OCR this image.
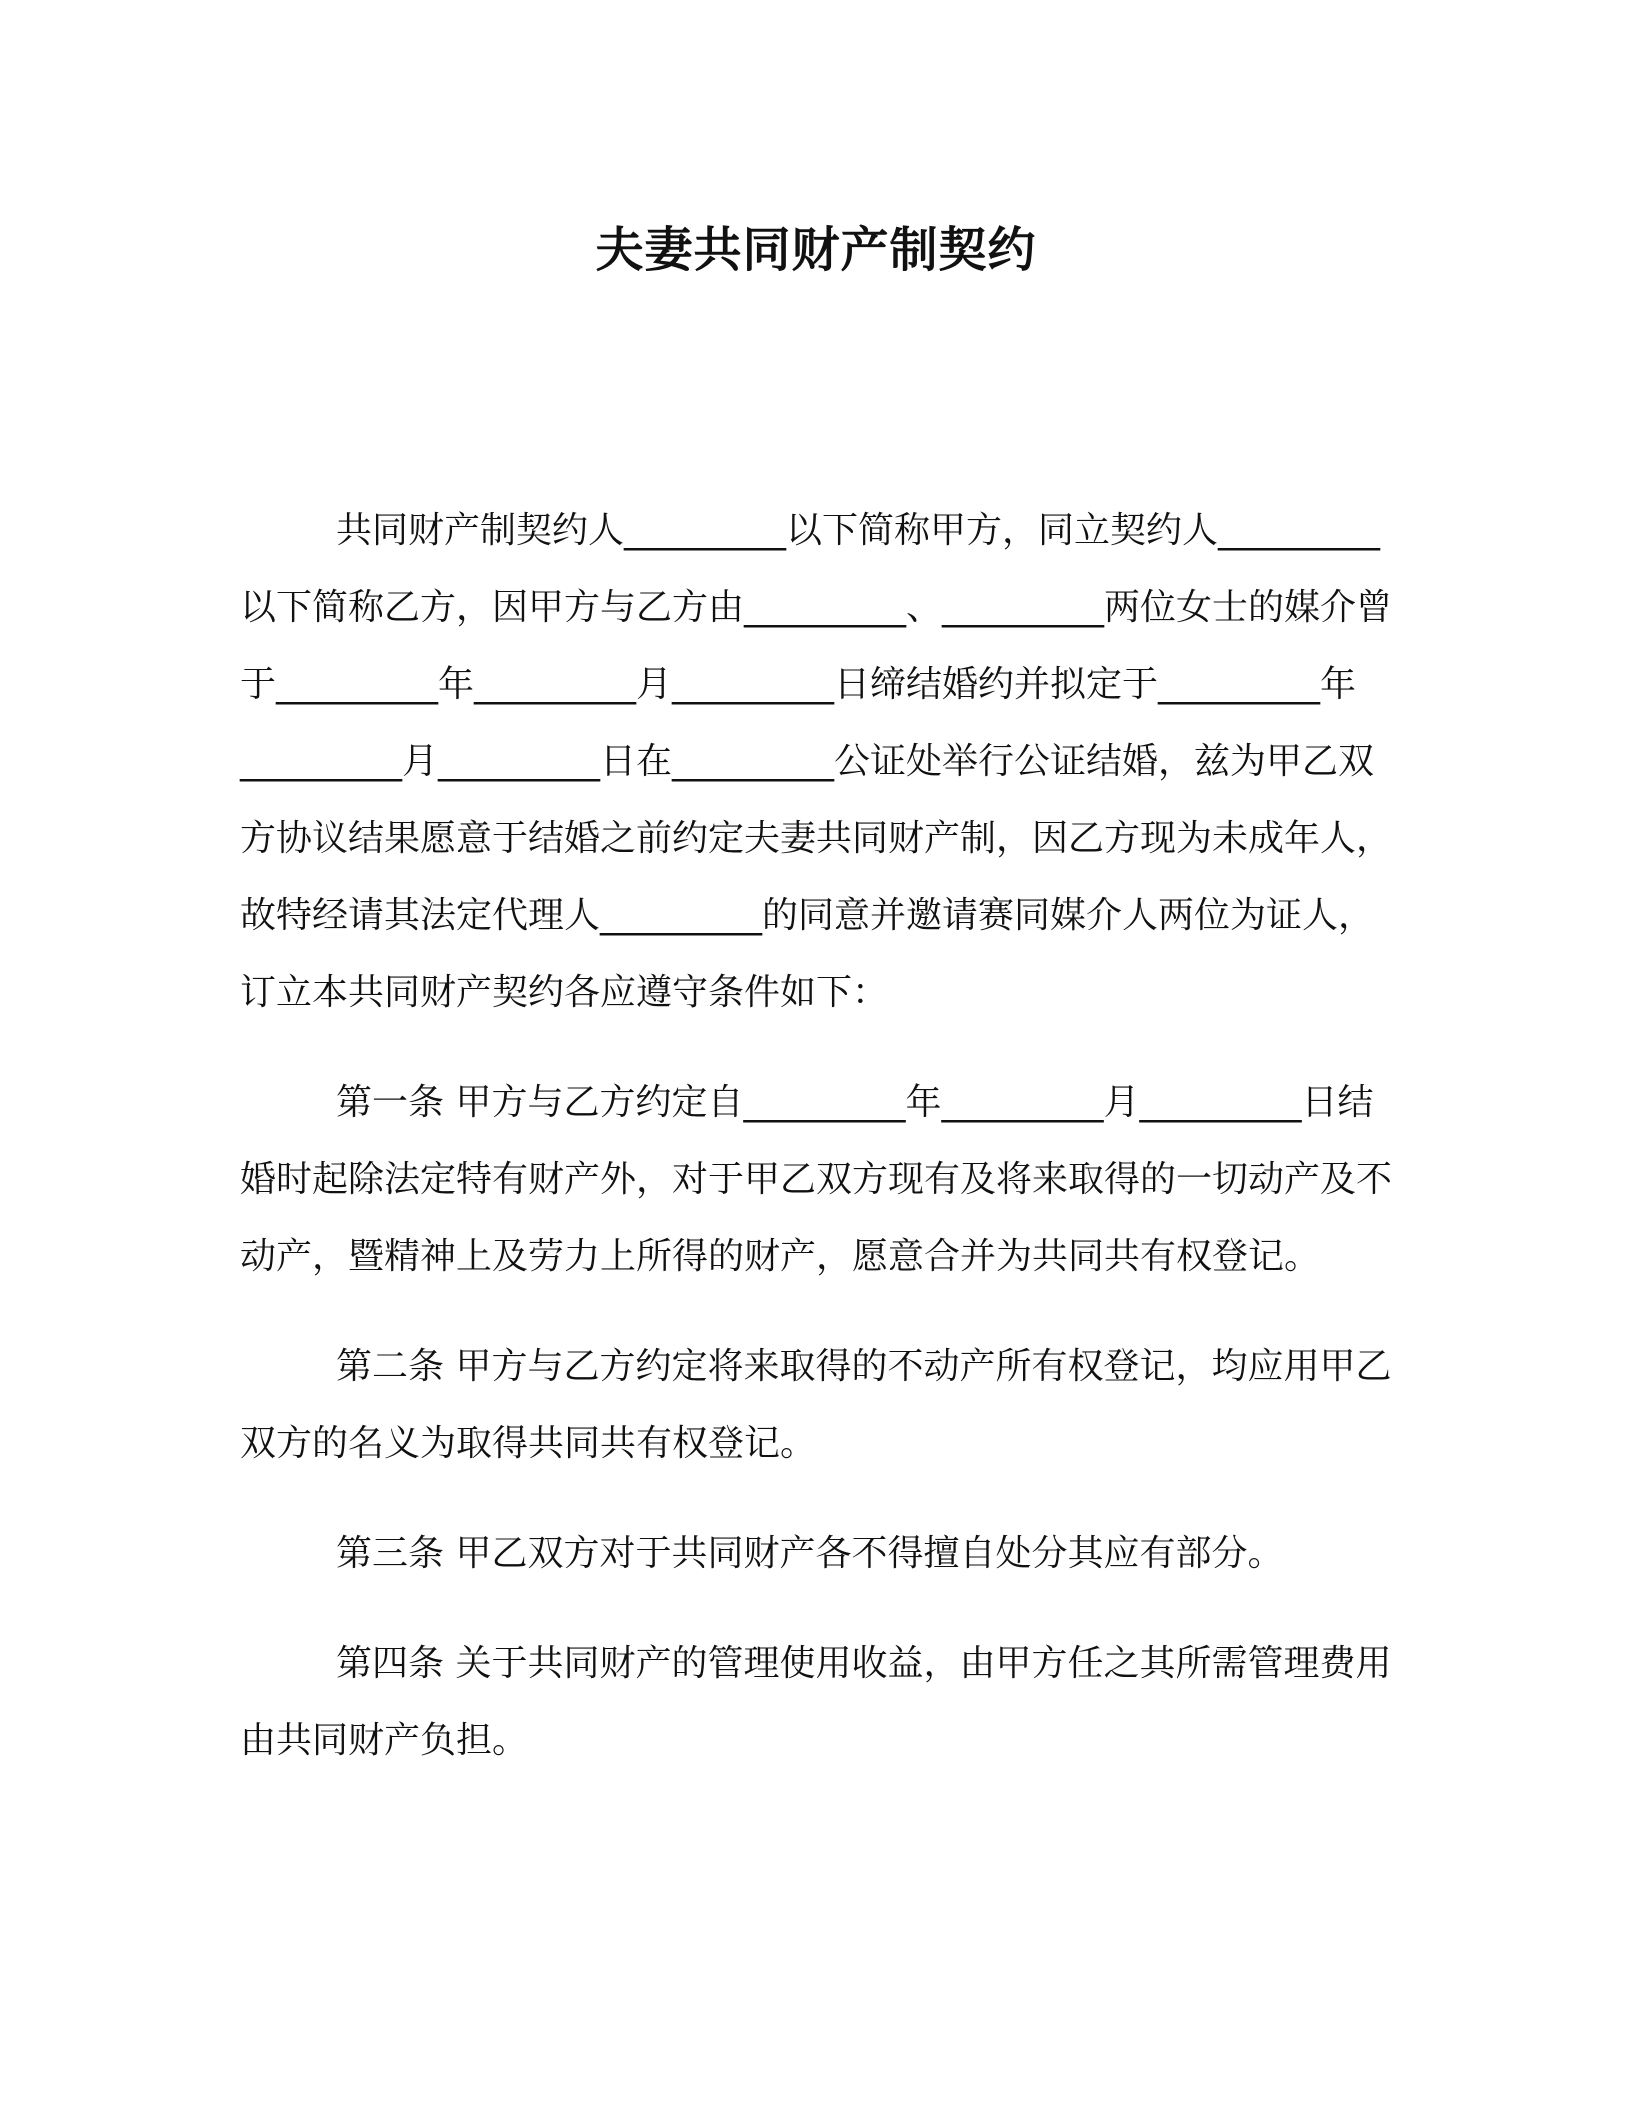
夫妻共同财产制契约

共同财产制契约人_________以下简称甲方，同立契约人_________以下简称乙方，因甲方与乙方由_________、_________两位女士的媒介曾于_________年_________月_________日缔结婚约并拟定于_________年_________月_________日在_________公证处举行公证结婚，兹为甲乙双方协议结果愿意于结婚之前约定夫妻共同财产制，因乙方现为未成年人，故特经请其法定代理人_________的同意并邀请赛同媒介人两位为证人，订立本共同财产契约各应遵守条件如下：

第一条 甲方与乙方约定自_________年_________月_________日结婚时起除法定特有财产外，对于甲乙双方现有及将来取得的一切动产及不动产，暨精神上及劳力上所得的财产，愿意合并为共同共有权登记。

第二条 甲方与乙方约定将来取得的不动产所有权登记，均应用甲乙双方的名义为取得共同共有权登记。

第三条 甲乙双方对于共同财产各不得擅自处分其应有部分。

第四条 关于共同财产的管理使用收益，由甲方任之其所需管理费用由共同财产负担。
